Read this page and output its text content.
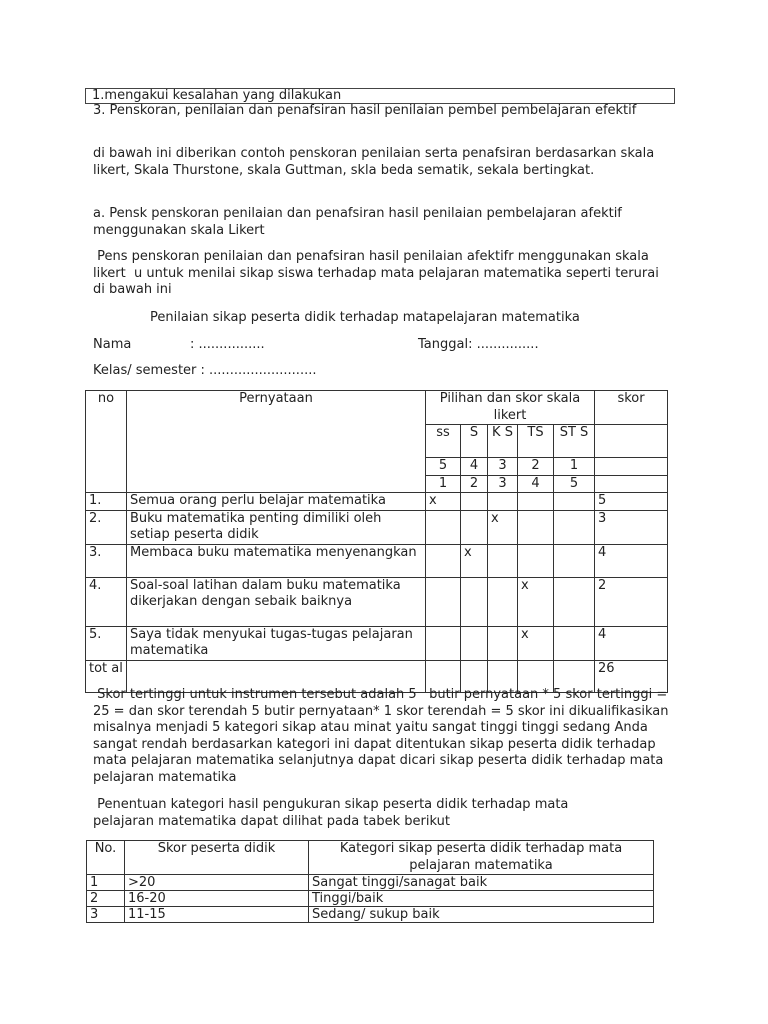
1.mengakui kesalahan yang dilakukan

3. Penskoran, penilaian dan penafsiran hasil penilaian pembel pembelajaran efektif

di bawah ini diberikan contoh penskoran penilaian serta penafsiran berdasarkan skala likert, Skala Thurstone, skala Guttman, skla beda sematik, sekala bertingkat.

a. Pensk penskoran penilaian dan penafsiran hasil penilaian pembelajaran afektif menggunakan skala Likert

Pens penskoran penilaian dan penafsiran hasil penilaian afektifr menggunakan skala likert  u untuk menilai sikap siswa terhadap mata pelajaran matematika seperti terurai di bawah ini

Penilaian sikap peserta didik terhadap matapelajaran matematika

Nama	: ................	Tanggal: ...............

Kelas/ semester : ..........................

no	Pernyataan	Pilihan dan skor skala likert					skor
		ss	S	K S	TS	ST S	
		5	4	3	2	1	
		1	2	3	4	5	
1.	Semua orang perlu belajar matematika	x					5
2.	Buku matematika penting dimiliki oleh setiap peserta didik			x			3
3.	Membaca buku matematika menyenangkan		x				4
4.	Soal-soal latihan dalam buku matematika dikerjakan dengan sebaik baiknya				x		2
5.	Saya tidak menyukai tugas-tugas pelajaran matematika				x		4
tot al							26

Skor tertinggi untuk instrumen tersebut adalah 5   butir pernyataan * 5 skor tertinggi = 25 = dan skor terendah 5 butir pernyataan* 1 skor terendah = 5 skor ini dikualifikasikan misalnya menjadi 5 kategori sikap atau minat yaitu sangat tinggi tinggi sedang Anda sangat rendah berdasarkan kategori ini dapat ditentukan sikap peserta didik terhadap mata pelajaran matematika selanjutnya dapat dicari sikap peserta didik terhadap mata pelajaran matematika

Penentuan kategori hasil pengukuran sikap peserta didik terhadap mata pelajaran matematika dapat dilihat pada tabek berikut

No.	Skor peserta didik	Kategori sikap peserta didik terhadap mata pelajaran matematika
1	>20	Sangat tinggi/sanagat baik
2	16-20	Tinggi/baik
3	11-15	Sedang/ sukup baik
